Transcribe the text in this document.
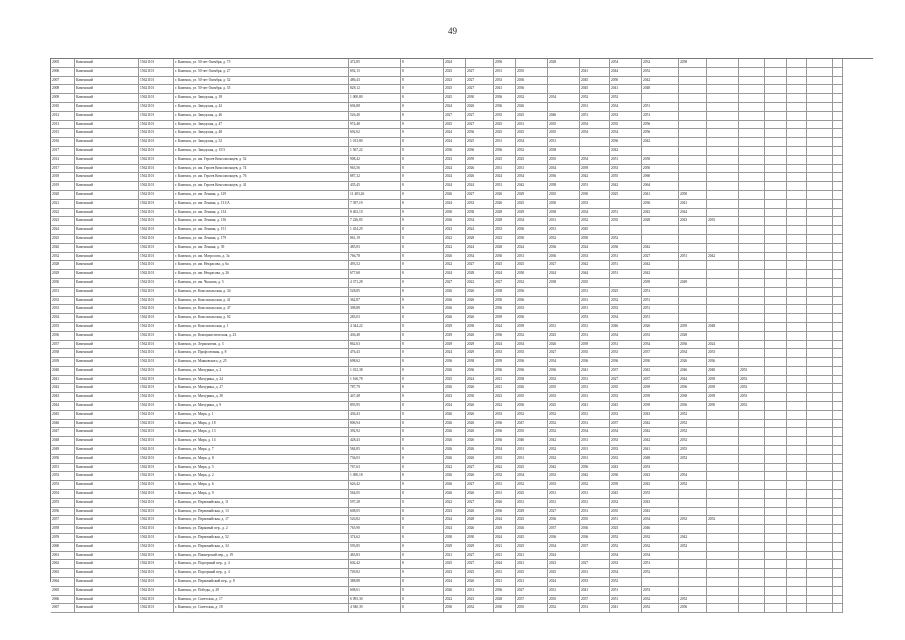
49
2005	Каменский	15621101	г. Каменск, ул. 50-лет Октября, д. 73	472,85	8	2024	2056	2028	2054	2032	2058
2006	Каменский	15621101	г. Каменск, ул. 50-лет Октября, д. 27	692,15	8	2025	2027	2031	2035	2041	2044	2052
2007	Каменский	15621101	г. Каменск, ул. 50-лет Октября, д. 32	486,43	8	2023	2027	2033	2036	2045	2050	2042
2008	Каменский	15621101	г. Каменск, ул. 50-лет Октября, д. 35	828,12	8	2025	2027	2041	2036	2045	2041	2048
2009	Каменский	15621101	г. Каменск, ул. Заводская, д. 18	1 000,80	8	2025	2030	2036	2032	2034	2052	2052
2010	Каменский	15621101	г. Каменск, ул. Заводская, д. 42	694,88	8	2024	2026	2036	2026	2031	2034	2051
2012	Каменский	15621101	г. Каменск, ул. Заводская, д. 46	526,40	8	2027	2027	2035	2025	2046	2051	2033	2051
2013	Каменский	15621101	г. Каменск, ул. Заводская, д. 47	974,48	8	2025	2027	2025	2031	2035	2054	2035	2056
2015	Каменский	15621101	г. Каменск, ул. Заводская, д. 48	692,62	8	2024	2036	2025	2025	2035	2054	2034	2056
2016	Каменский	15621101	г. Каменск, ул. Заводская, д. 52	1 013,80	8	2024	2025	2031	2034	2031	2036	2042
2017	Каменский	15621101	г. Каменск, ул. Заводская, д. 15/3	1 567,22	8	2036	2036	2036	2032	2038	2042
2014	Каменский	15621101	г. Каменск, ул. им. Героев Комсомольцев, д. 52	908,42	8	2023	2059	2025	2025	2035	2054	2051	2050
2017	Каменский	15621101	г. Каменск, ул. им. Героев Комсомольцев, д. 74	963,56	8	2024	2026	2031	2031	2034	2039	2033	2050
2018	Каменский	15621101	г. Каменск, ул. им. Героев Комсомольцев, д. 76	887,32	8	2024	2026	2024	2034	2036	2042	2055	2060
2019	Каменский	15621101	г. Каменск, ул. им. Героев Комсомольцев, д. 41	435,45	8	2024	2024	2031	2042	2058	2051	2042	2064
2020	Каменский	15621101	г. Каменск, ул. им. Ленина, д. 129	11 483,26	8	2026	2027	2026	2029	2035	2030	2025	2041	2050
2021	Каменский	15621101	г. Каменск, ул. им. Ленина, д. 131/А	7 397,19	8	2024	2033	2026	2025	2030	2033	2036	2041
2022	Каменский	15621101	г. Каменск, ул. им. Ленина, д. 134	8 402,10	8	2030	2038	2028	2029	2038	2034	2051	2043	2044
2023	Каменский	15621101	г. Каменск, ул. им. Ленина, д. 136	7 226,85	8	2026	2034	2028	2034	2031	2032	2035	2028	2043	2035
2024	Каменский	15621101	г. Каменск, ул. им. Ленина, д. 151	1 454,29	8	2023	2024	2033	2036	2031	2045
2025	Каменский	15621101	г. Каменск, ул. им. Ленина, д. 179	861,19	8	2022	2028	2023	2030	2032	2050	2052
2026	Каменский	15621101	г. Каменск, ул. им. Ленина, д. 39	485,83	8	2022	2024	2028	2024	2036	2024	2036	2042
2032	Каменский	15621101	г. Каменск, ул. им. Матросова, д. 3а	766,78	8	2026	2034	2030	2031	2036	2033	2031	2027	2051	2042
2028	Каменский	15621101	г. Каменск, ул. им. Некрасова, д. 6а	493,52	8	2022	2027	2025	2025	2027	2042	2051	2042
2029	Каменский	15621101	г. Каменск, ул. им. Некрасова, д. 26	677,68	8	2024	2028	2024	2030	2024	2044	2051	2042
2030	Каменский	15621101	г. Каменск, ул. им. Чкалова, д. 5	4 371,28	8	2027	2022	2027	2032	2038	2035	2039	2049
2031	Каменский	15621101	г. Каменск, ул. Комсомольская, д. 34	528,85	8	2026	2026	2038	2036	2031	2025	2051
2032	Каменский	15621101	г. Каменск, ул. Комсомольская, д. 41	362,87	8	2026	2026	2030	2036	2031	2032	2051
2033	Каменский	15621101	г. Каменск, ул. Комсомольская, д. 47	398,88	8	2026	2026	2036	2033	2051	2033	2051
2034	Каменский	15621101	г. Каменск, ул. Комсомольская, д. 92	283,03	8	2026	2026	2039	2036	2053	2034	2051
2035	Каменский	15621101	г. Каменск, ул. Комсомольская, д. 1	4 344,22	8	2029	2038	2024	2039	2031	2031	2046	2026	2039	2048
2036	Каменский	15621101	г. Каменск, ул. Коммунистическая, д. 23	436,48	8	2029	2026	2036	2032	2025	2031	2034	2033	2028
2037	Каменский	15621101	г. Каменск, ул. Лермонтова, д. 3	862,63	8	2029	2029	2024	2034	2026	2039	2031	2034	2036	2024
2038	Каменский	15621101	г. Каменск, ул. Профсоюзная, д. 8	476,43	8	2024	2029	2033	2035	2027	2035	2033	2037	2034	2053
2039	Каменский	15621101	г. Каменск, ул. Маяковского, д. 25	698,62	8	2036	2038	2039	2036	2034	2036	2036	2030	2026	2036
2040	Каменский	15621101	г. Каменск, ул. Мичурина, д. 2	1 012,38	8	2026	2036	2036	2036	2036	2041	2037	2043	2046	2040	2053
2041	Каменский	15621101	г. Каменск, ул. Мичурина, д. 24	1 166,78	8	2025	2024	2021	2038	2032	2031	2027	2037	2044	2039	2052
2042	Каменский	15621101	г. Каменск, ул. Мичурина, д. 27	787,79	8	2026	2026	2021	2026	2035	2031	2035	2039	2036	2039	2052
2043	Каменский	15621101	г. Каменск, ул. Мичурина, д. 38	447,48	8	2023	2030	2023	2035	2033	2031	2033	2039	2038	2039	2053
2044	Каменский	15621101	г. Каменск, ул. Мичурина, д. 9	893,95	8	2024	2026	2022	2036	2025	2041	2043	2039	2036	2050	2052
2045	Каменский	15621101	г. Каменск, ул. Мира, д. 1	436,43	8	2026	2026	2033	2032	2032	2031	2033	2043	2052
2046	Каменский	15621101	г. Каменск, ул. Мира, д. 18	806,94	8	2026	2026	2036	2047	2032	2031	2037	2042	2052
2047	Каменский	15621101	г. Каменск, ул. Мира, д. 13	392,92	8	2026	2026	2036	2035	2032	2034	2034	2042	2052
2048	Каменский	15621101	г. Каменск, ул. Мира, д. 14	428,43	8	2026	2026	2036	2040	2042	2031	2033	2042	2052
2049	Каменский	15621101	г. Каменск, ул. Мира, д. 7	584,85	8	2026	2026	2034	2031	2032	2031	2033	2041	2053
2050	Каменский	15621101	г. Каменск, ул. Мира, д. 8	736,03	8	2026	2026	2033	2031	2032	2031	2033	2048	2052
2051	Каменский	15621101	г. Каменск, ул. Мира, д. 5	767,63	8	2022	2027	2022	2025	2042	2056	2043	2053
2052	Каменский	15621101	г. Каменск, ул. Мира, д. 2	1 490,18	8	2026	2026	2032	2034	2032	2042	2030	2043	2054
2053	Каменский	15621101	г. Каменск, ул. Мира, д. 6	626,42	8	2026	2027	2031	2032	2033	2032	2039	2043	2052
2054	Каменский	15621101	г. Каменск, ул. Мира, д. 9	564,05	8	2026	2026	2031	2025	2031	2031	2043	2053
2055	Каменский	15621101	г. Каменск, ул. Первомайская, д. 11	597,28	8	2022	2027	2026	2031	2031	2031	2032	2043
2056	Каменский	15621101	г. Каменск, ул. Первомайская, д. 13	608,05	8	2023	2026	2036	2029	2027	2031	2035	2043
2057	Каменский	15621101	г. Каменск, ул. Первомайская, д. 17	526,82	8	2024	2028	2024	2025	2036	2035	2051	2034	2033	2052
2058	Каменский	15621101	г. Каменск, ул. Парковый пер., д. 2	765,90	8	2024	2026	2029	2026	2037	2036	2025	2046
2059	Каменский	15621101	г. Каменск, ул. Первомайская, д. 52	374,62	8	2030	2030	2024	2025	2036	2036	2052	2032	2042
2060	Каменский	15621101	г. Каменск, ул. Первомайская, д. 34	593,85	8	2029	2029	2021	2025	2034	2037	2052	2032	2052
2061	Каменский	15621101	г. Каменск, ул. Пионерский пер., д. 19	463,83	8	2021	2027	2021	2021	2024	2034	2034
2062	Каменский	15621101	г. Каменск, ул. Подгорный пер., д. 4	602,42	8	2025	2027	2024	2021	2023	2027	2033	2051
2063	Каменский	15621101	г. Каменск, ул. Подгорный пер., д. 4	749,82	8	2023	2025	2031	2025	2025	2031	2034	2052
2064	Каменский	15621101	г. Каменск, ул. Первомайский пер., д. 8	388,88	8	2024	2026	2021	2021	2024	2033	2052
2065	Каменский	15621101	г. Каменск, ул. Победы, д. 29	608,61	8	2026	2031	2036	2027	2031	2041	2051	2053
2066	Каменский	15621101	г. Каменск, ул. Советская, д. 17	6 093,30	8	2022	2023	2028	2037	2035	2037	2051	2032	2052
2067	Каменский	15621101	г. Каменск, ул. Советская, д. 18	4 940,39	8	2030	2032	2030	2035	2032	2031	2041	2052	2056
